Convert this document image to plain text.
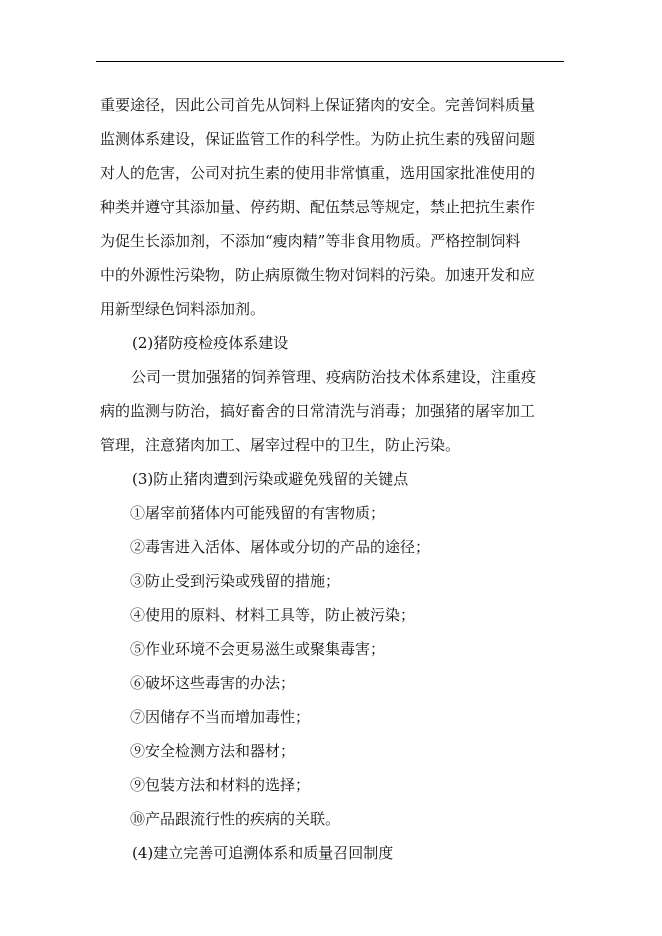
重要途径，因此公司首先从饲料上保证猪肉的安全。完善饲料质量

监测体系建设，保证监管工作的科学性。为防止抗生素的残留问题

对人的危害，公司对抗生素的使用非常慎重，选用国家批准使用的

种类并遵守其添加量、停药期、配伍禁忌等规定，禁止把抗生素作

为促生长添加剂，不添加“瘦肉精”等非食用物质。严格控制饲料

中的外源性污染物，防止病原微生物对饲料的污染。加速开发和应

用新型绿色饲料添加剂。

(2)猪防疫检疫体系建设

公司一贯加强猪的饲养管理、疫病防治技术体系建设，注重疫

病的监测与防治，搞好畜舍的日常清洗与消毒；加强猪的屠宰加工

管理，注意猪肉加工、屠宰过程中的卫生，防止污染。

(3)防止猪肉遭到污染或避免残留的关键点

①屠宰前猪体内可能残留的有害物质；

②毒害进入活体、屠体或分切的产品的途径；

③防止受到污染或残留的措施；

④使用的原料、材料工具等，防止被污染；

⑤作业环境不会更易滋生或聚集毒害；

⑥破坏这些毒害的办法；

⑦因储存不当而增加毒性；

⑨安全检测方法和器材；

⑨包装方法和材料的选择；

⑩产品跟流行性的疾病的关联。

(4)建立完善可追溯体系和质量召回制度
